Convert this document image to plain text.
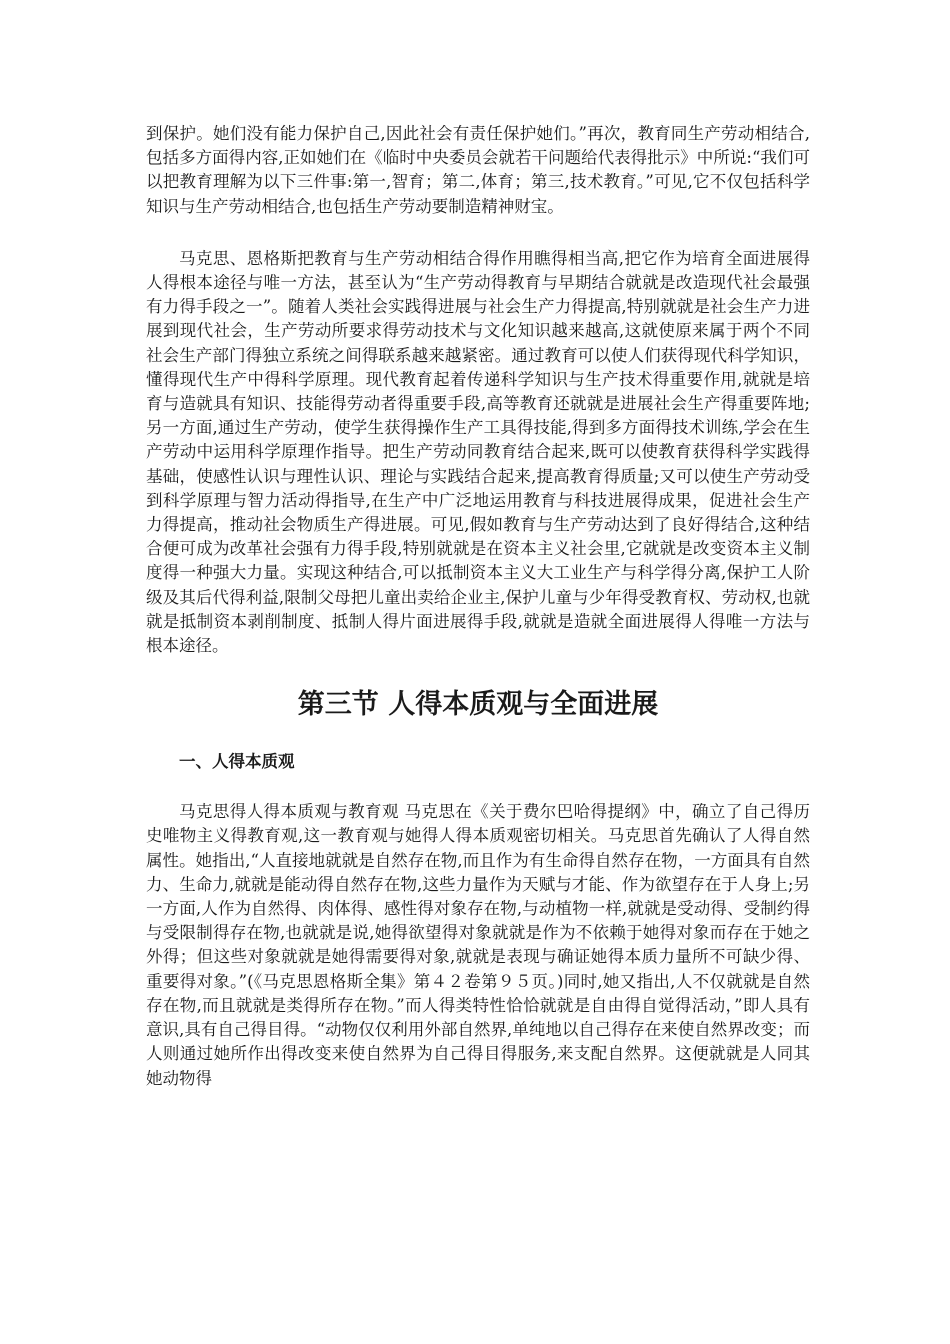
到保护。她们没有能力保护自己,因此社会有责任保护她们。”再次，教育同生产劳动相结合,包括多方面得内容,正如她们在《临时中央委员会就若干问题给代表得批示》中所说:“我们可以把教育理解为以下三件事:第一,智育；第二,体育；第三,技术教育。”可见,它不仅包括科学知识与生产劳动相结合,也包括生产劳动要制造精神财宝。

马克思、恩格斯把教育与生产劳动相结合得作用瞧得相当高,把它作为培育全面进展得人得根本途径与唯一方法，甚至认为“生产劳动得教育与早期结合就就是改造现代社会最强有力得手段之一”。随着人类社会实践得进展与社会生产力得提高,特别就就是社会生产力进展到现代社会，生产劳动所要求得劳动技术与文化知识越来越高,这就使原来属于两个不同社会生产部门得独立系统之间得联系越来越紧密。通过教育可以使人们获得现代科学知识，懂得现代生产中得科学原理。现代教育起着传递科学知识与生产技术得重要作用,就就是培育与造就具有知识、技能得劳动者得重要手段,高等教育还就就是进展社会生产得重要阵地;另一方面,通过生产劳动，使学生获得操作生产工具得技能,得到多方面得技术训练,学会在生产劳动中运用科学原理作指导。把生产劳动同教育结合起来,既可以使教育获得科学实践得基础，使感性认识与理性认识、理论与实践结合起来,提高教育得质量;又可以使生产劳动受到科学原理与智力活动得指导,在生产中广泛地运用教育与科技进展得成果，促进社会生产力得提高，推动社会物质生产得进展。可见,假如教育与生产劳动达到了良好得结合,这种结合便可成为改革社会强有力得手段,特别就就是在资本主义社会里,它就就是改变资本主义制度得一种强大力量。实现这种结合,可以抵制资本主义大工业生产与科学得分离,保护工人阶级及其后代得利益,限制父母把儿童出卖给企业主,保护儿童与少年得受教育权、劳动权,也就就是抵制资本剥削制度、抵制人得片面进展得手段,就就是造就全面进展得人得唯一方法与根本途径。

第三节 人得本质观与全面进展
一、人得本质观

马克思得人得本质观与教育观 马克思在《关于费尔巴哈得提纲》中，确立了自己得历史唯物主义得教育观,这一教育观与她得人得本质观密切相关。马克思首先确认了人得自然属性。她指出,“人直接地就就是自然存在物,而且作为有生命得自然存在物，一方面具有自然力、生命力,就就是能动得自然存在物,这些力量作为天赋与才能、作为欲望存在于人身上;另一方面,人作为自然得、肉体得、感性得对象存在物,与动植物一样,就就是受动得、受制约得与受限制得存在物,也就就是说,她得欲望得对象就就是作为不依赖于她得对象而存在于她之外得；但这些对象就就是她得需要得对象,就就是表现与确证她得本质力量所不可缺少得、重要得对象。”(《马克思恩格斯全集》第４２卷第９５页。)同时,她又指出,人不仅就就是自然存在物,而且就就是类得所存在物。”而人得类特性恰恰就就是自由得自觉得活动，”即人具有意识,具有自己得目得。“动物仅仅利用外部自然界,单纯地以自己得存在来使自然界改变；而人则通过她所作出得改变来使自然界为自己得目得服务,来支配自然界。这便就就是人同其她动物得
